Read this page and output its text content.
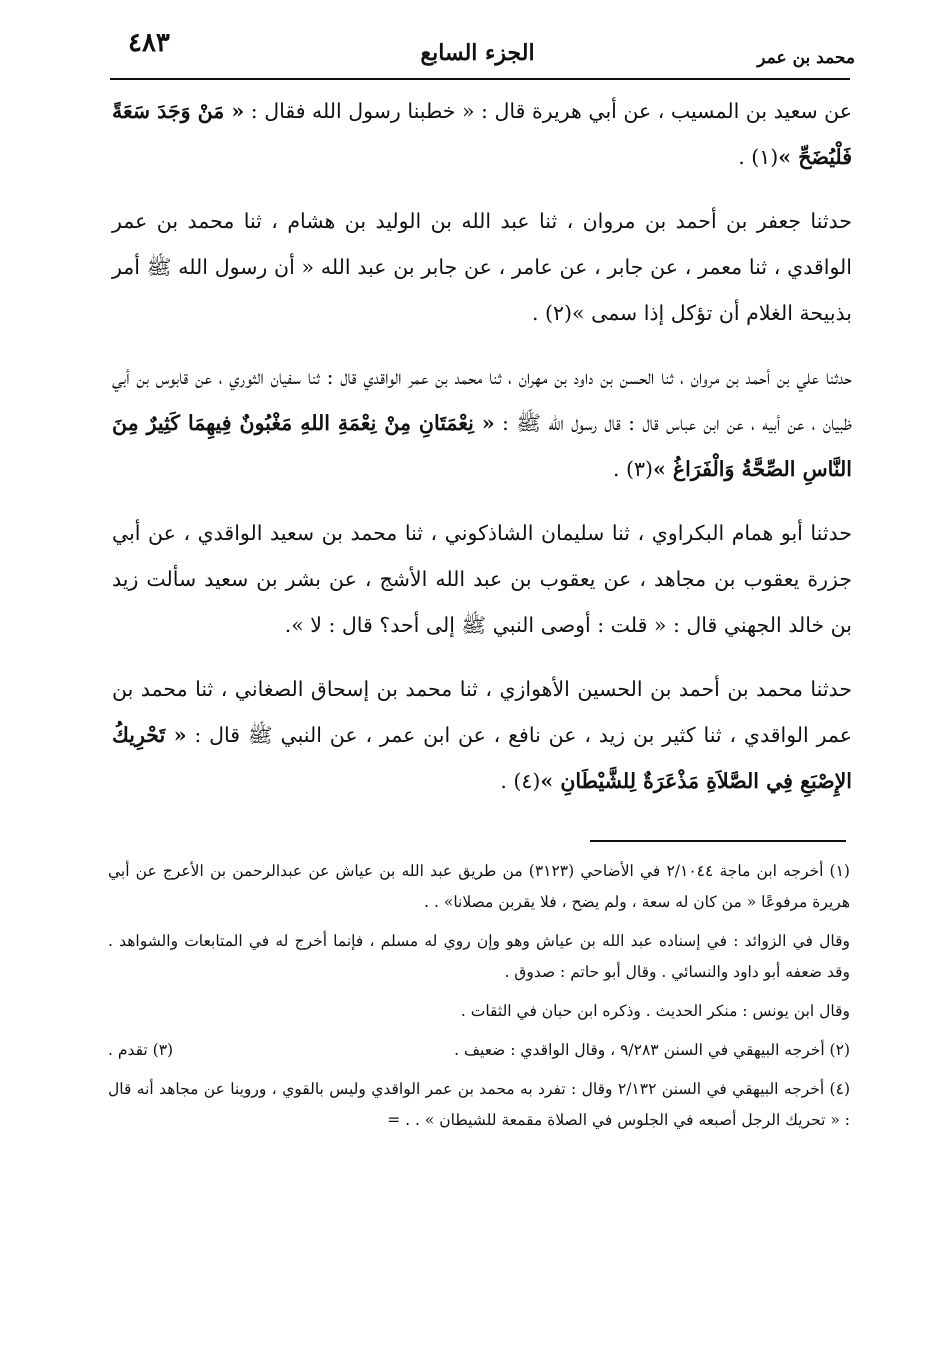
٤٨٣	الجزء السابع	محمد بن عمر

عن سعيد بن المسيب ، عن أبي هريرة قال : « خطبنا رسول الله فقال : « مَنْ وَجَدَ سَعَةً فَلْيُضَحِّ »(١) .

حدثنا جعفر بن أحمد بن مروان ، ثنا عبد الله بن الوليد بن هشام ، ثنا محمد بن عمر الواقدي ، ثنا معمر ، عن جابر ، عن عامر ، عن جابر بن عبد الله « أن رسول الله ﷺ أمر بذبيحة الغلام أن تؤكل إذا سمى »(٢) .

حدثنا علي بن أحمد بن مروان ، ثنا الحسن بن داود بن مهران ، ثنا محمد بن عمر الواقدي قال : ثنا سفيان الثوري ، عن قابوس بن أبي ظبيان ، عن أبيه ، عن ابن عباس قال : قال رسول الله ﷺ : « نِعْمَتَانِ مِنْ نِعْمَةِ اللهِ مَغْبُونٌ فِيهِمَا كَثِيرٌ مِنَ النَّاسِ الصِّحَّةُ وَالْفَرَاغُ »(٣) .

حدثنا أبو همام البكراوي ، ثنا سليمان الشاذكوني ، ثنا محمد بن سعيد الواقدي ، عن أبي جزرة يعقوب بن مجاهد ، عن يعقوب بن عبد الله الأشج ، عن بشر بن سعيد سألت زيد بن خالد الجهني قال : « قلت : أوصى النبي ﷺ إلى أحد؟ قال : لا ».

حدثنا محمد بن أحمد بن الحسين الأهوازي ، ثنا محمد بن إسحاق الصغاني ، ثنا محمد بن عمر الواقدي ، ثنا كثير بن زيد ، عن نافع ، عن ابن عمر ، عن النبي ﷺ قال : « تَحْرِيكُ الإِصْبَعِ فِي الصَّلاَةِ مَذْعَرَةٌ لِلشَّيْطَانِ »(٤) .

(١) أخرجه ابن ماجة ٢/١٠٤٤ في الأضاحي (٣١٢٣) من طريق عبد الله بن عياش عن عبدالرحمن بن الأعرج عن أبي هريرة مرفوعًا « من كان له سعة ، ولم يضح ، فلا يقربن مصلانا» . .

وقال في الزوائد : في إسناده عبد الله بن عياش وهو وإن روي له مسلم ، فإنما أخرج له في المتابعات والشواهد . وقد ضعفه أبو داود والنسائي . وقال أبو حاتم : صدوق .

وقال ابن يونس : منكر الحديث . وذكره ابن حبان في الثقات .

(٢) أخرجه البيهقي في السنن ٩/٢٨٣ ، وقال الواقدي : ضعيف .
(٣) تقدم .

(٤) أخرجه البيهقي في السنن ٢/١٣٢ وقال : تفرد به محمد بن عمر الواقدي وليس بالقوي ، وروينا عن مجاهد أنه قال : « تحريك الرجل أصبعه في الجلوس في الصلاة مقمعة للشيطان » . . =
